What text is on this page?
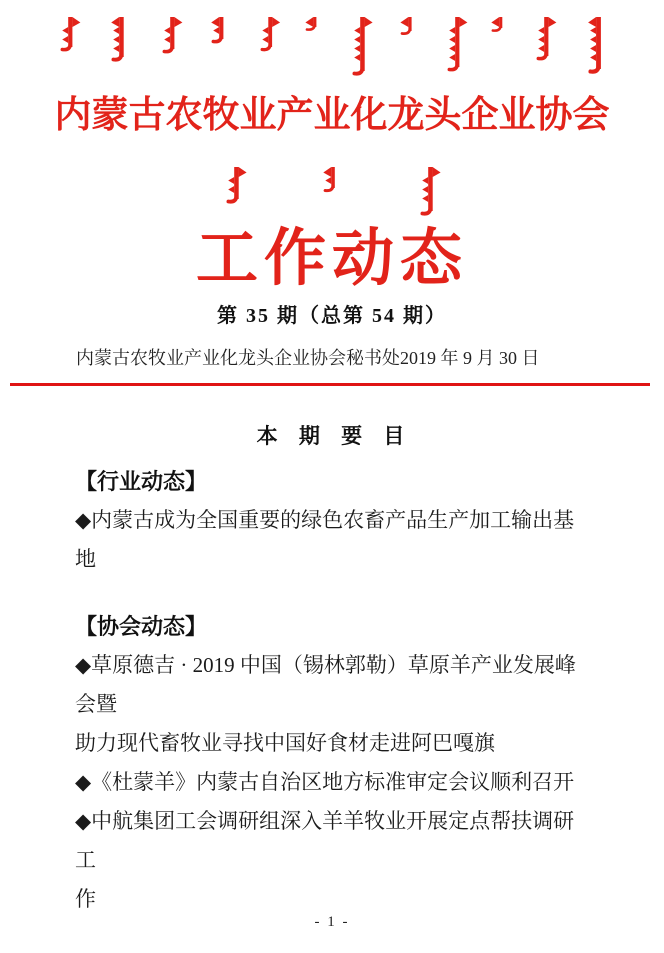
内蒙古农牧业产业化龙头企业协会
工作动态
第 35 期（总第 54 期）
内蒙古农牧业产业化龙头企业协会秘书处 2019 年 9 月 30 日
本 期 要 目
【行业动态】
◆内蒙古成为全国重要的绿色农畜产品生产加工输出基地
【协会动态】
◆草原德吉 · 2019 中国（锡林郭勒）草原羊产业发展峰会暨
助力现代畜牧业寻找中国好食材走进阿巴嘎旗
◆《杜蒙羊》内蒙古自治区地方标准审定会议顺利召开
◆中航集团工会调研组深入羊羊牧业开展定点帮扶调研工
作
- 1 -
